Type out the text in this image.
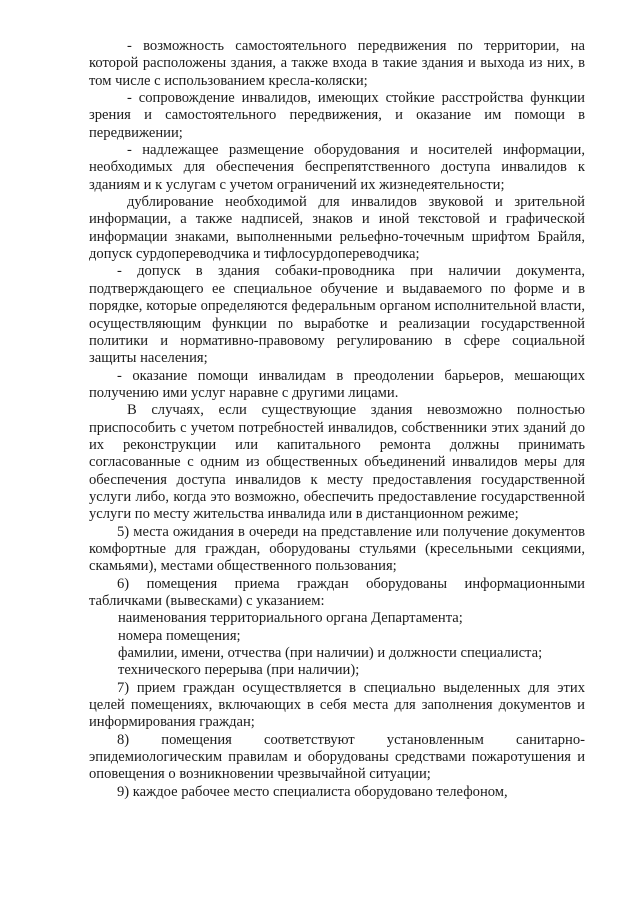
- возможность самостоятельного передвижения по территории, на которой расположены здания, а также входа в такие здания и выхода из них, в том числе с использованием кресла-коляски;

- сопровождение инвалидов, имеющих стойкие расстройства функции зрения и самостоятельного передвижения, и оказание им помощи в передвижении;

- надлежащее размещение оборудования и носителей информации, необходимых для обеспечения беспрепятственного доступа инвалидов к зданиям и к услугам с учетом ограничений их жизнедеятельности;

дублирование необходимой для инвалидов звуковой и зрительной информации, а также надписей, знаков и иной текстовой и графической информации знаками, выполненными рельефно-точечным шрифтом Брайля, допуск сурдопереводчика и тифлосурдопереводчика;

- допуск в здания собаки-проводника при наличии документа, подтверждающего ее специальное обучение и выдаваемого по форме и в порядке, которые определяются федеральным органом исполнительной власти, осуществляющим функции по выработке и реализации государственной политики и нормативно-правовому регулированию в сфере социальной защиты населения;

- оказание помощи инвалидам в преодолении барьеров, мешающих получению ими услуг наравне с другими лицами.

В случаях, если существующие здания невозможно полностью приспособить с учетом потребностей инвалидов, собственники этих зданий до их реконструкции или капитального ремонта должны принимать согласованные с одним из общественных объединений инвалидов меры для обеспечения доступа инвалидов к месту предоставления государственной услуги либо, когда это возможно, обеспечить предоставление государственной услуги по месту жительства инвалида или в дистанционном режиме;

5) места ожидания в очереди на представление или получение документов комфортные для граждан, оборудованы стульями (кресельными секциями, скамьями), местами общественного пользования;

6) помещения приема граждан оборудованы информационными табличками (вывесками) с указанием:

наименования территориального органа Департамента;

номера помещения;

фамилии, имени, отчества (при наличии) и должности специалиста;

технического перерыва (при наличии);

7) прием граждан осуществляется в специально выделенных для этих целей помещениях, включающих в себя места для заполнения документов и информирования граждан;

8) помещения соответствуют установленным санитарно-эпидемиологическим правилам и оборудованы средствами пожаротушения и оповещения о возникновении чрезвычайной ситуации;

9) каждое рабочее место специалиста оборудовано телефоном,
